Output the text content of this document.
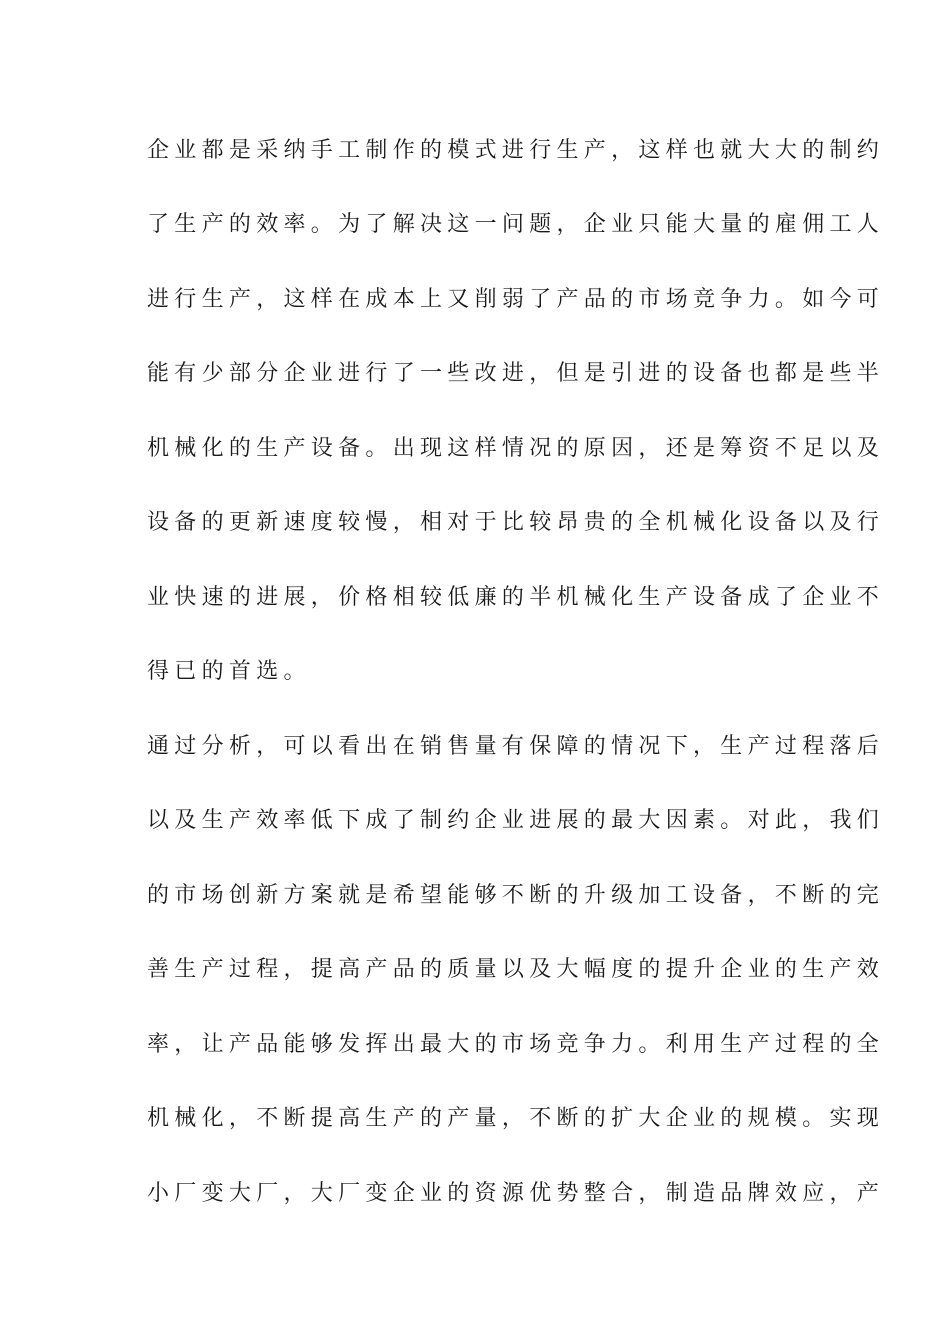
企业都是采纳手工制作的模式进行生产，这样也就大大的制约
了生产的效率。为了解决这一问题，企业只能大量的雇佣工人
进行生产，这样在成本上又削弱了产品的市场竞争力。如今可
能有少部分企业进行了一些改进，但是引进的设备也都是些半
机械化的生产设备。出现这样情况的原因，还是筹资不足以及
设备的更新速度较慢，相对于比较昂贵的全机械化设备以及行
业快速的进展，价格相较低廉的半机械化生产设备成了企业不
得已的首选。
通过分析，可以看出在销售量有保障的情况下，生产过程落后
以及生产效率低下成了制约企业进展的最大因素。对此，我们
的市场创新方案就是希望能够不断的升级加工设备，不断的完
善生产过程，提高产品的质量以及大幅度的提升企业的生产效
率，让产品能够发挥出最大的市场竞争力。利用生产过程的全
机械化，不断提高生产的产量，不断的扩大企业的规模。实现
小厂变大厂，大厂变企业的资源优势整合，制造品牌效应，产
